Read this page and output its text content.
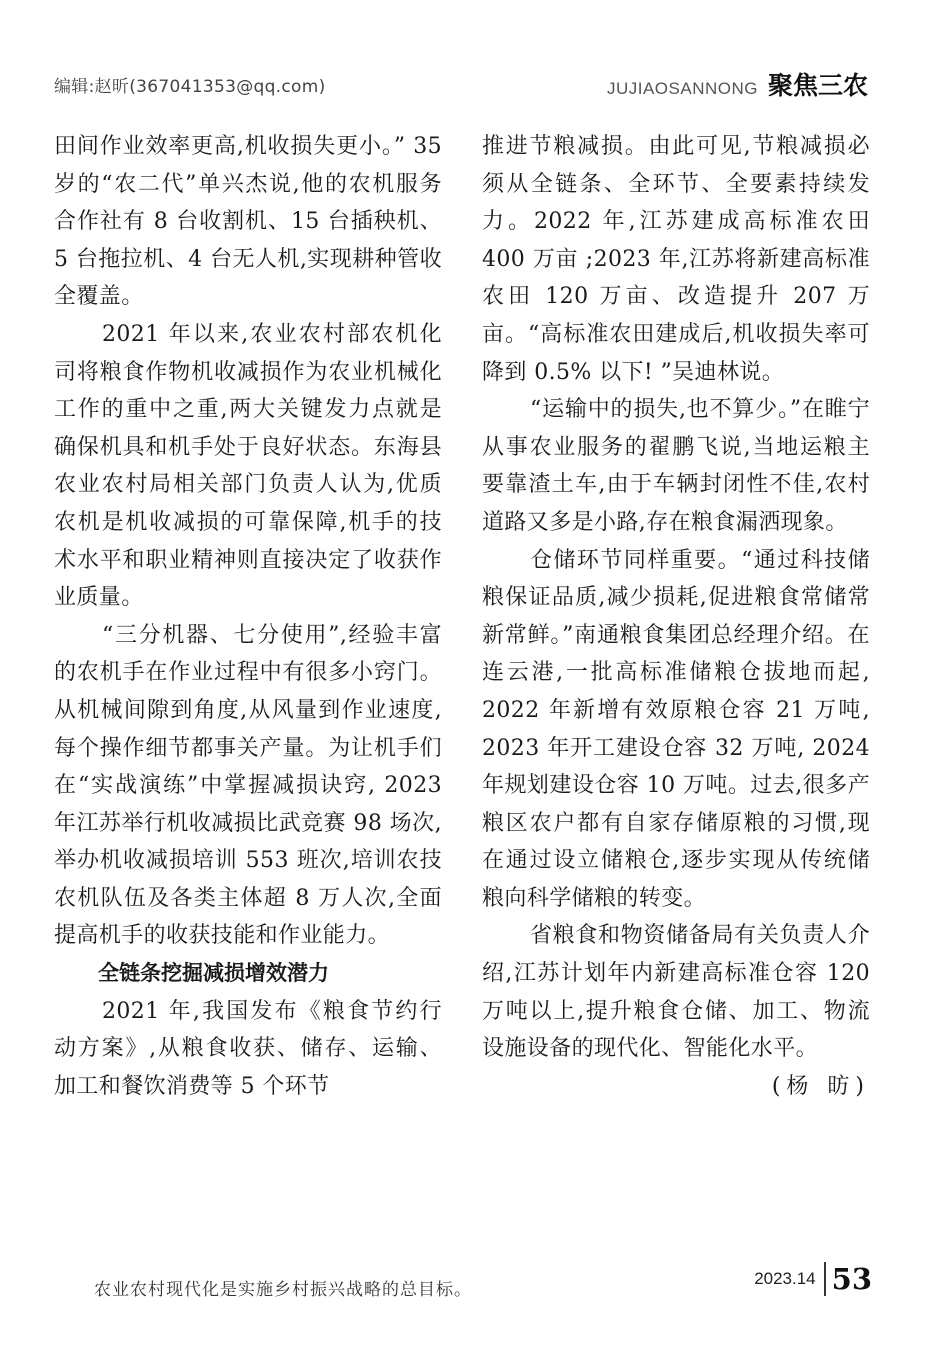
编辑:赵昕(367041353@qq.com)	JUJIAOSANNONG 聚焦三农

田间作业效率更高,机收损失更小。” 35 岁的“农二代”单兴杰说,他的农机服务合作社有 8 台收割机、15 台插秧机、5 台拖拉机、4 台无人机,实现耕种管收全覆盖。

2021 年以来,农业农村部农机化司将粮食作物机收减损作为农业机械化工作的重中之重,两大关键发力点就是确保机具和机手处于良好状态。东海县农业农村局相关部门负责人认为,优质农机是机收减损的可靠保障,机手的技术水平和职业精神则直接决定了收获作业质量。

“三分机器、七分使用”,经验丰富的农机手在作业过程中有很多小窍门。从机械间隙到角度,从风量到作业速度,每个操作细节都事关产量。为让机手们在“实战演练”中掌握减损诀窍, 2023 年江苏举行机收减损比武竞赛 98 场次,举办机收减损培训 553 班次,培训农技农机队伍及各类主体超 8 万人次,全面提高机手的收获技能和作业能力。

全链条挖掘减损增效潜力

2021 年,我国发布《粮食节约行动方案》,从粮食收获、储存、运输、加工和餐饮消费等 5 个环节

推进节粮减损。由此可见,节粮减损必须从全链条、全环节、全要素持续发力。2022 年,江苏建成高标准农田 400 万亩 ;2023 年,江苏将新建高标准农田 120 万亩、改造提升 207 万亩。“高标准农田建成后,机收损失率可降到 0.5% 以下! ”吴迪林说。

“运输中的损失,也不算少。”在睢宁从事农业服务的翟鹏飞说,当地运粮主要靠渣土车,由于车辆封闭性不佳,农村道路又多是小路,存在粮食漏洒现象。

仓储环节同样重要。“通过科技储粮保证品质,减少损耗,促进粮食常储常新常鲜。”南通粮食集团总经理介绍。在连云港,一批高标准储粮仓拔地而起, 2022 年新增有效原粮仓容 21 万吨, 2023 年开工建设仓容 32 万吨, 2024 年规划建设仓容 10 万吨。过去,很多产粮区农户都有自家存储原粮的习惯,现在通过设立储粮仓,逐步实现从传统储粮向科学储粮的转变。

省粮食和物资储备局有关负责人介绍,江苏计划年内新建高标准仓容 120 万吨以上,提升粮食仓储、加工、物流设施设备的现代化、智能化水平。
(杨 昉)

农业农村现代化是实施乡村振兴战略的总目标。
2023.14 53
